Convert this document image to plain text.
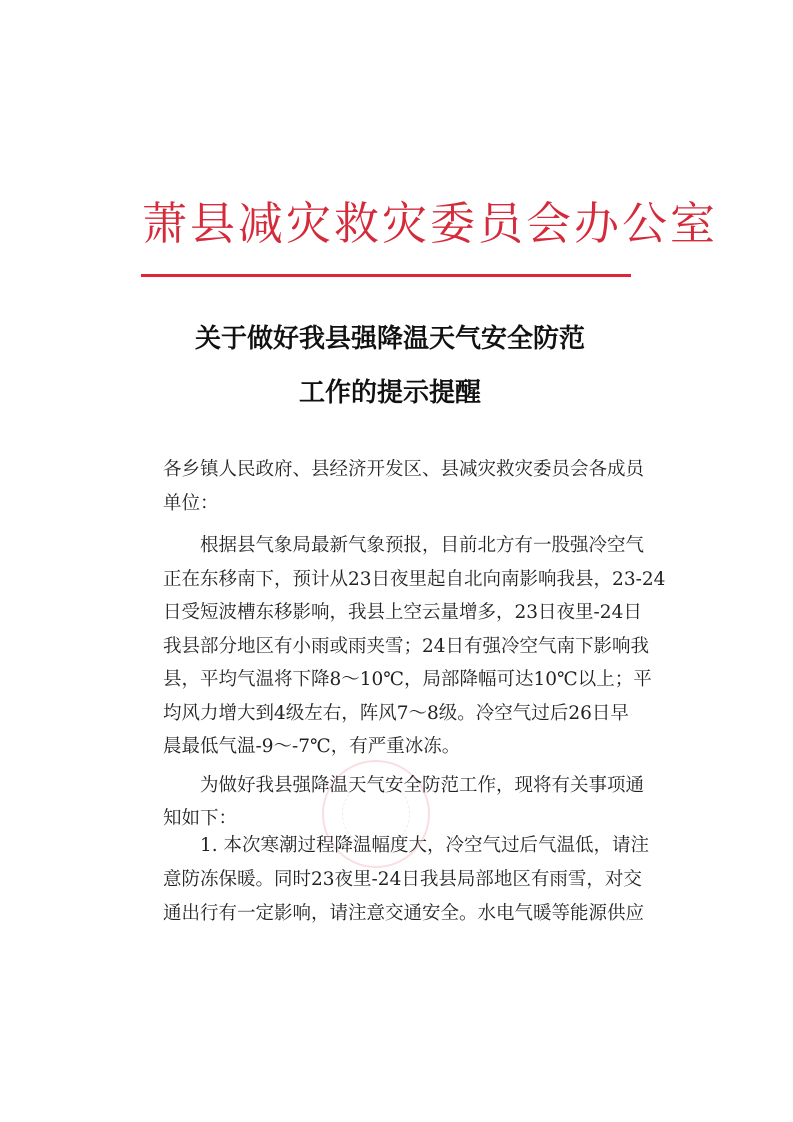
萧县减灾救灾委员会办公室
关于做好我县强降温天气安全防范
工作的提示提醒
各乡镇人民政府、县经济开发区、县减灾救灾委员会各成员
单位：
　　根据县气象局最新气象预报，目前北方有一股强冷空气
正在东移南下，预计从23日夜里起自北向南影响我县，23-24
日受短波槽东移影响，我县上空云量增多，23日夜里-24日
我县部分地区有小雨或雨夹雪；24日有强冷空气南下影响我
县，平均气温将下降8～10℃，局部降幅可达10℃以上；平
均风力增大到4级左右，阵风7～8级。冷空气过后26日早
晨最低气温-9～-7℃，有严重冰冻。
　　为做好我县强降温天气安全防范工作，现将有关事项通
知如下：
　　1. 本次寒潮过程降温幅度大，冷空气过后气温低，请注
意防冻保暖。同时23夜里-24日我县局部地区有雨雪，对交
通出行有一定影响，请注意交通安全。水电气暖等能源供应
